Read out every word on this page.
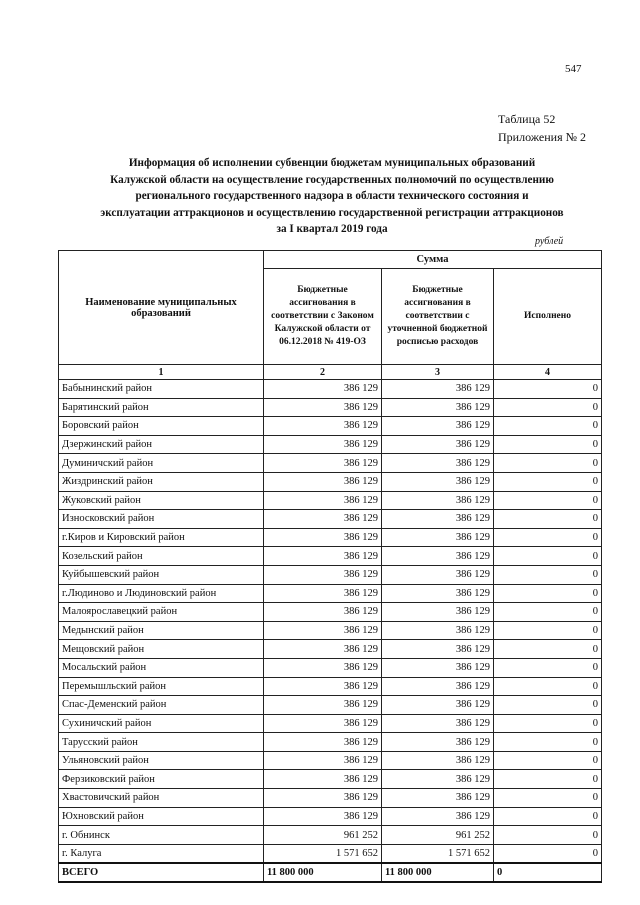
547
Таблица 52
Приложения № 2
Информация об исполнении субвенции бюджетам муниципальных образований
Калужской области на осуществление государственных полномочий по осуществлению
регионального государственного надзора в области технического состояния и
эксплуатации аттракционов и осуществлению государственной регистрации аттракционов
за I квартал 2019 года
рублей
Наименование муниципальных образований	Сумма		
	Бюджетные ассигнования в соответствии с Законом Калужской области от 06.12.2018 № 419-ОЗ	Бюджетные ассигнования в соответствии с уточненной бюджетной росписью расходов	Исполнено
1	2	3	4
Бабынинский район	386 129	386 129	0
Барятинский район	386 129	386 129	0
Боровский район	386 129	386 129	0
Дзержинский район	386 129	386 129	0
Думиничский район	386 129	386 129	0
Жиздринский район	386 129	386 129	0
Жуковский район	386 129	386 129	0
Износковский район	386 129	386 129	0
г.Киров и Кировский район	386 129	386 129	0
Козельский район	386 129	386 129	0
Куйбышевский район	386 129	386 129	0
г.Людиново и Людиновский район	386 129	386 129	0
Малоярославецкий район	386 129	386 129	0
Медынский район	386 129	386 129	0
Мещовский район	386 129	386 129	0
Мосальский район	386 129	386 129	0
Перемышльский район	386 129	386 129	0
Спас-Деменский район	386 129	386 129	0
Сухиничский район	386 129	386 129	0
Тарусский район	386 129	386 129	0
Ульяновский район	386 129	386 129	0
Ферзиковский район	386 129	386 129	0
Хвастовичский район	386 129	386 129	0
Юхновский район	386 129	386 129	0
г. Обнинск	961 252	961 252	0
г. Калуга	1 571 652	1 571 652	0
ВСЕГО	11 800 000	11 800 000	0
